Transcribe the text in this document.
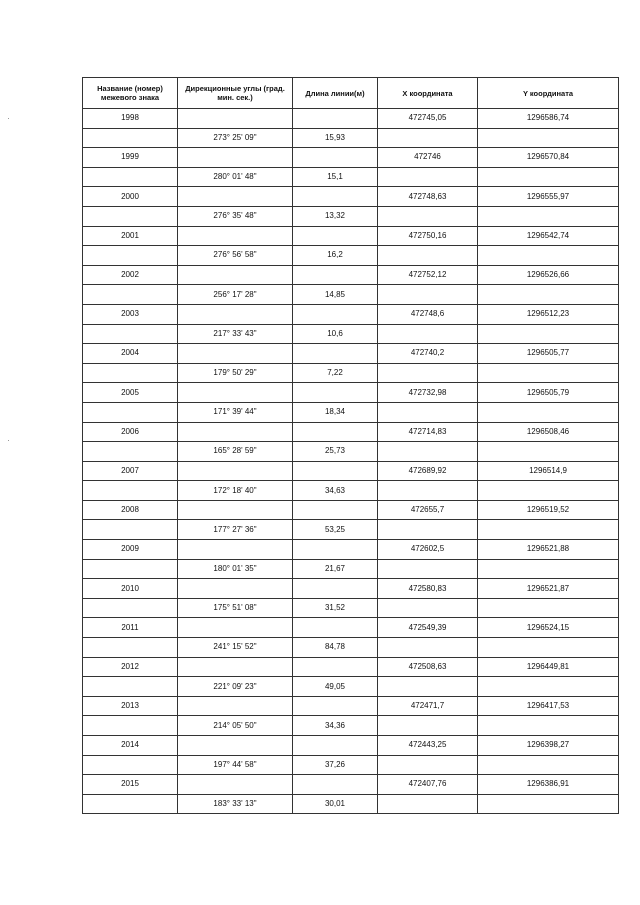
Название (номер) межевого знака	Дирекционные углы (град. мин. сек.)	Длина линии(м)	X координата	Y координата
1998			472745,05	1296586,74
	273° 25' 09"	15,93		
1999			472746	1296570,84
	280° 01' 48"	15,1		
2000			472748,63	1296555,97
	276° 35' 48"	13,32		
2001			472750,16	1296542,74
	276° 56' 58"	16,2		
2002			472752,12	1296526,66
	256° 17' 28"	14,85		
2003			472748,6	1296512,23
	217° 33' 43"	10,6		
2004			472740,2	1296505,77
	179° 50' 29"	7,22		
2005			472732,98	1296505,79
	171° 39' 44"	18,34		
2006			472714,83	1296508,46
	165° 28' 59"	25,73		
2007			472689,92	1296514,9
	172° 18' 40"	34,63		
2008			472655,7	1296519,52
	177° 27' 36"	53,25		
2009			472602,5	1296521,88
	180° 01' 35"	21,67		
2010			472580,83	1296521,87
	175° 51' 08"	31,52		
2011			472549,39	1296524,15
	241° 15' 52"	84,78		
2012			472508,63	1296449,81
	221° 09' 23"	49,05		
2013			472471,7	1296417,53
	214° 05' 50"	34,36		
2014			472443,25	1296398,27
	197° 44' 58"	37,26		
2015			472407,76	1296386,91
	183° 33' 13"	30,01		
